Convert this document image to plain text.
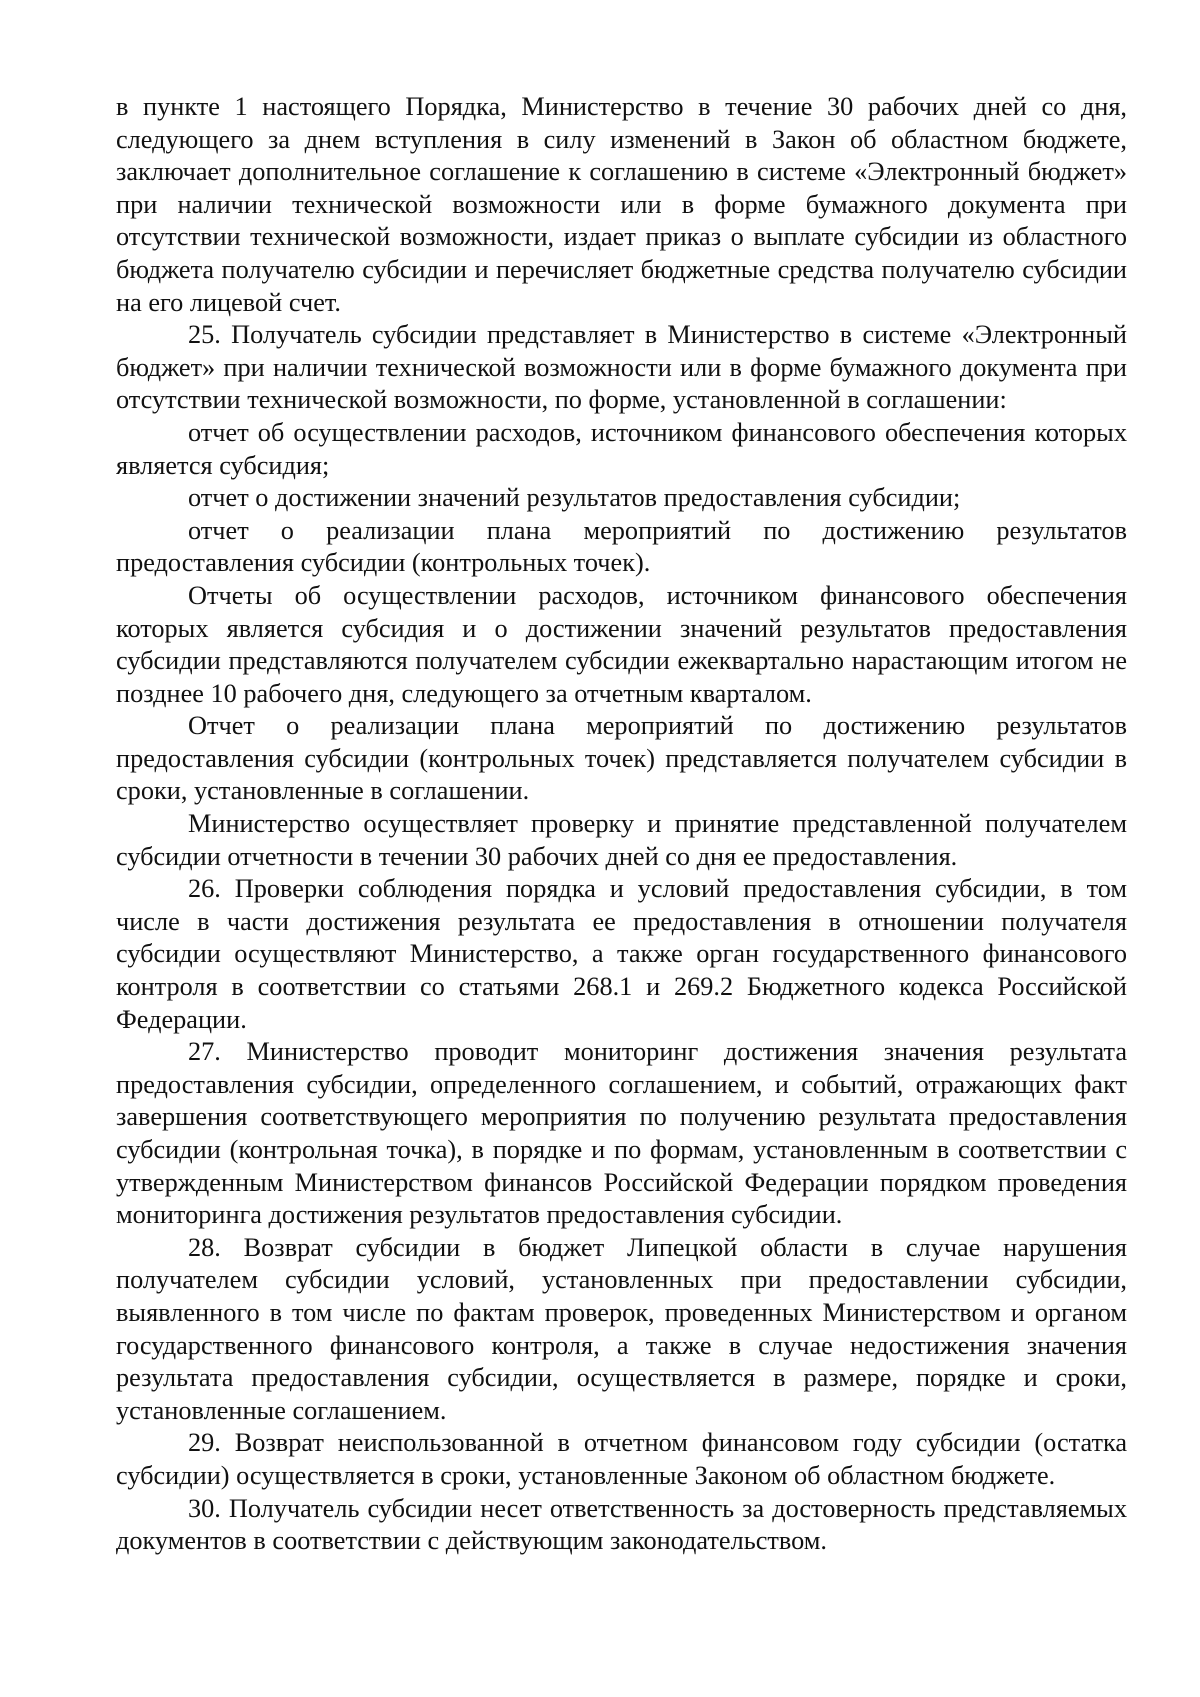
в пункте 1 настоящего Порядка, Министерство в течение 30 рабочих дней со дня, следующего за днем вступления в силу изменений в Закон об областном бюджете, заключает дополнительное соглашение к соглашению в системе «Электронный бюджет» при наличии технической возможности или в форме бумажного документа при отсутствии технической возможности, издает приказ о выплате субсидии из областного бюджета получателю субсидии и перечисляет бюджетные средства получателю субсидии на его лицевой счет.

25. Получатель субсидии представляет в Министерство в системе «Электронный бюджет» при наличии технической возможности или в форме бумажного документа при отсутствии технической возможности, по форме, установленной в соглашении:

отчет об осуществлении расходов, источником финансового обеспечения которых является субсидия;

отчет о достижении значений результатов предоставления субсидии;

отчет о реализации плана мероприятий по достижению результатов предоставления субсидии (контрольных точек).

Отчеты об осуществлении расходов, источником финансового обеспечения которых является субсидия и о достижении значений результатов предоставления субсидии представляются получателем субсидии ежеквартально нарастающим итогом не позднее 10 рабочего дня, следующего за отчетным кварталом.

Отчет о реализации плана мероприятий по достижению результатов предоставления субсидии (контрольных точек) представляется получателем субсидии в сроки, установленные в соглашении.

Министерство осуществляет проверку и принятие представленной получателем субсидии отчетности в течении 30 рабочих дней со дня ее предоставления.

26. Проверки соблюдения порядка и условий предоставления субсидии, в том числе в части достижения результата ее предоставления в отношении получателя субсидии осуществляют Министерство, а также орган государственного финансового контроля в соответствии со статьями 268.1 и 269.2 Бюджетного кодекса Российской Федерации.

27. Министерство проводит мониторинг достижения значения результата предоставления субсидии, определенного соглашением, и событий, отражающих факт завершения соответствующего мероприятия по получению результата предоставления субсидии (контрольная точка), в порядке и по формам, установленным в соответствии с утвержденным Министерством финансов Российской Федерации порядком проведения мониторинга достижения результатов предоставления субсидии.

28. Возврат субсидии в бюджет Липецкой области в случае нарушения получателем субсидии условий, установленных при предоставлении субсидии, выявленного в том числе по фактам проверок, проведенных Министерством и органом государственного финансового контроля, а также в случае недостижения значения результата предоставления субсидии, осуществляется в размере, порядке и сроки, установленные соглашением.

29. Возврат неиспользованной в отчетном финансовом году субсидии (остатка субсидии) осуществляется в сроки, установленные Законом об областном бюджете.

30. Получатель субсидии несет ответственность за достоверность представляемых документов в соответствии с действующим законодательством.
